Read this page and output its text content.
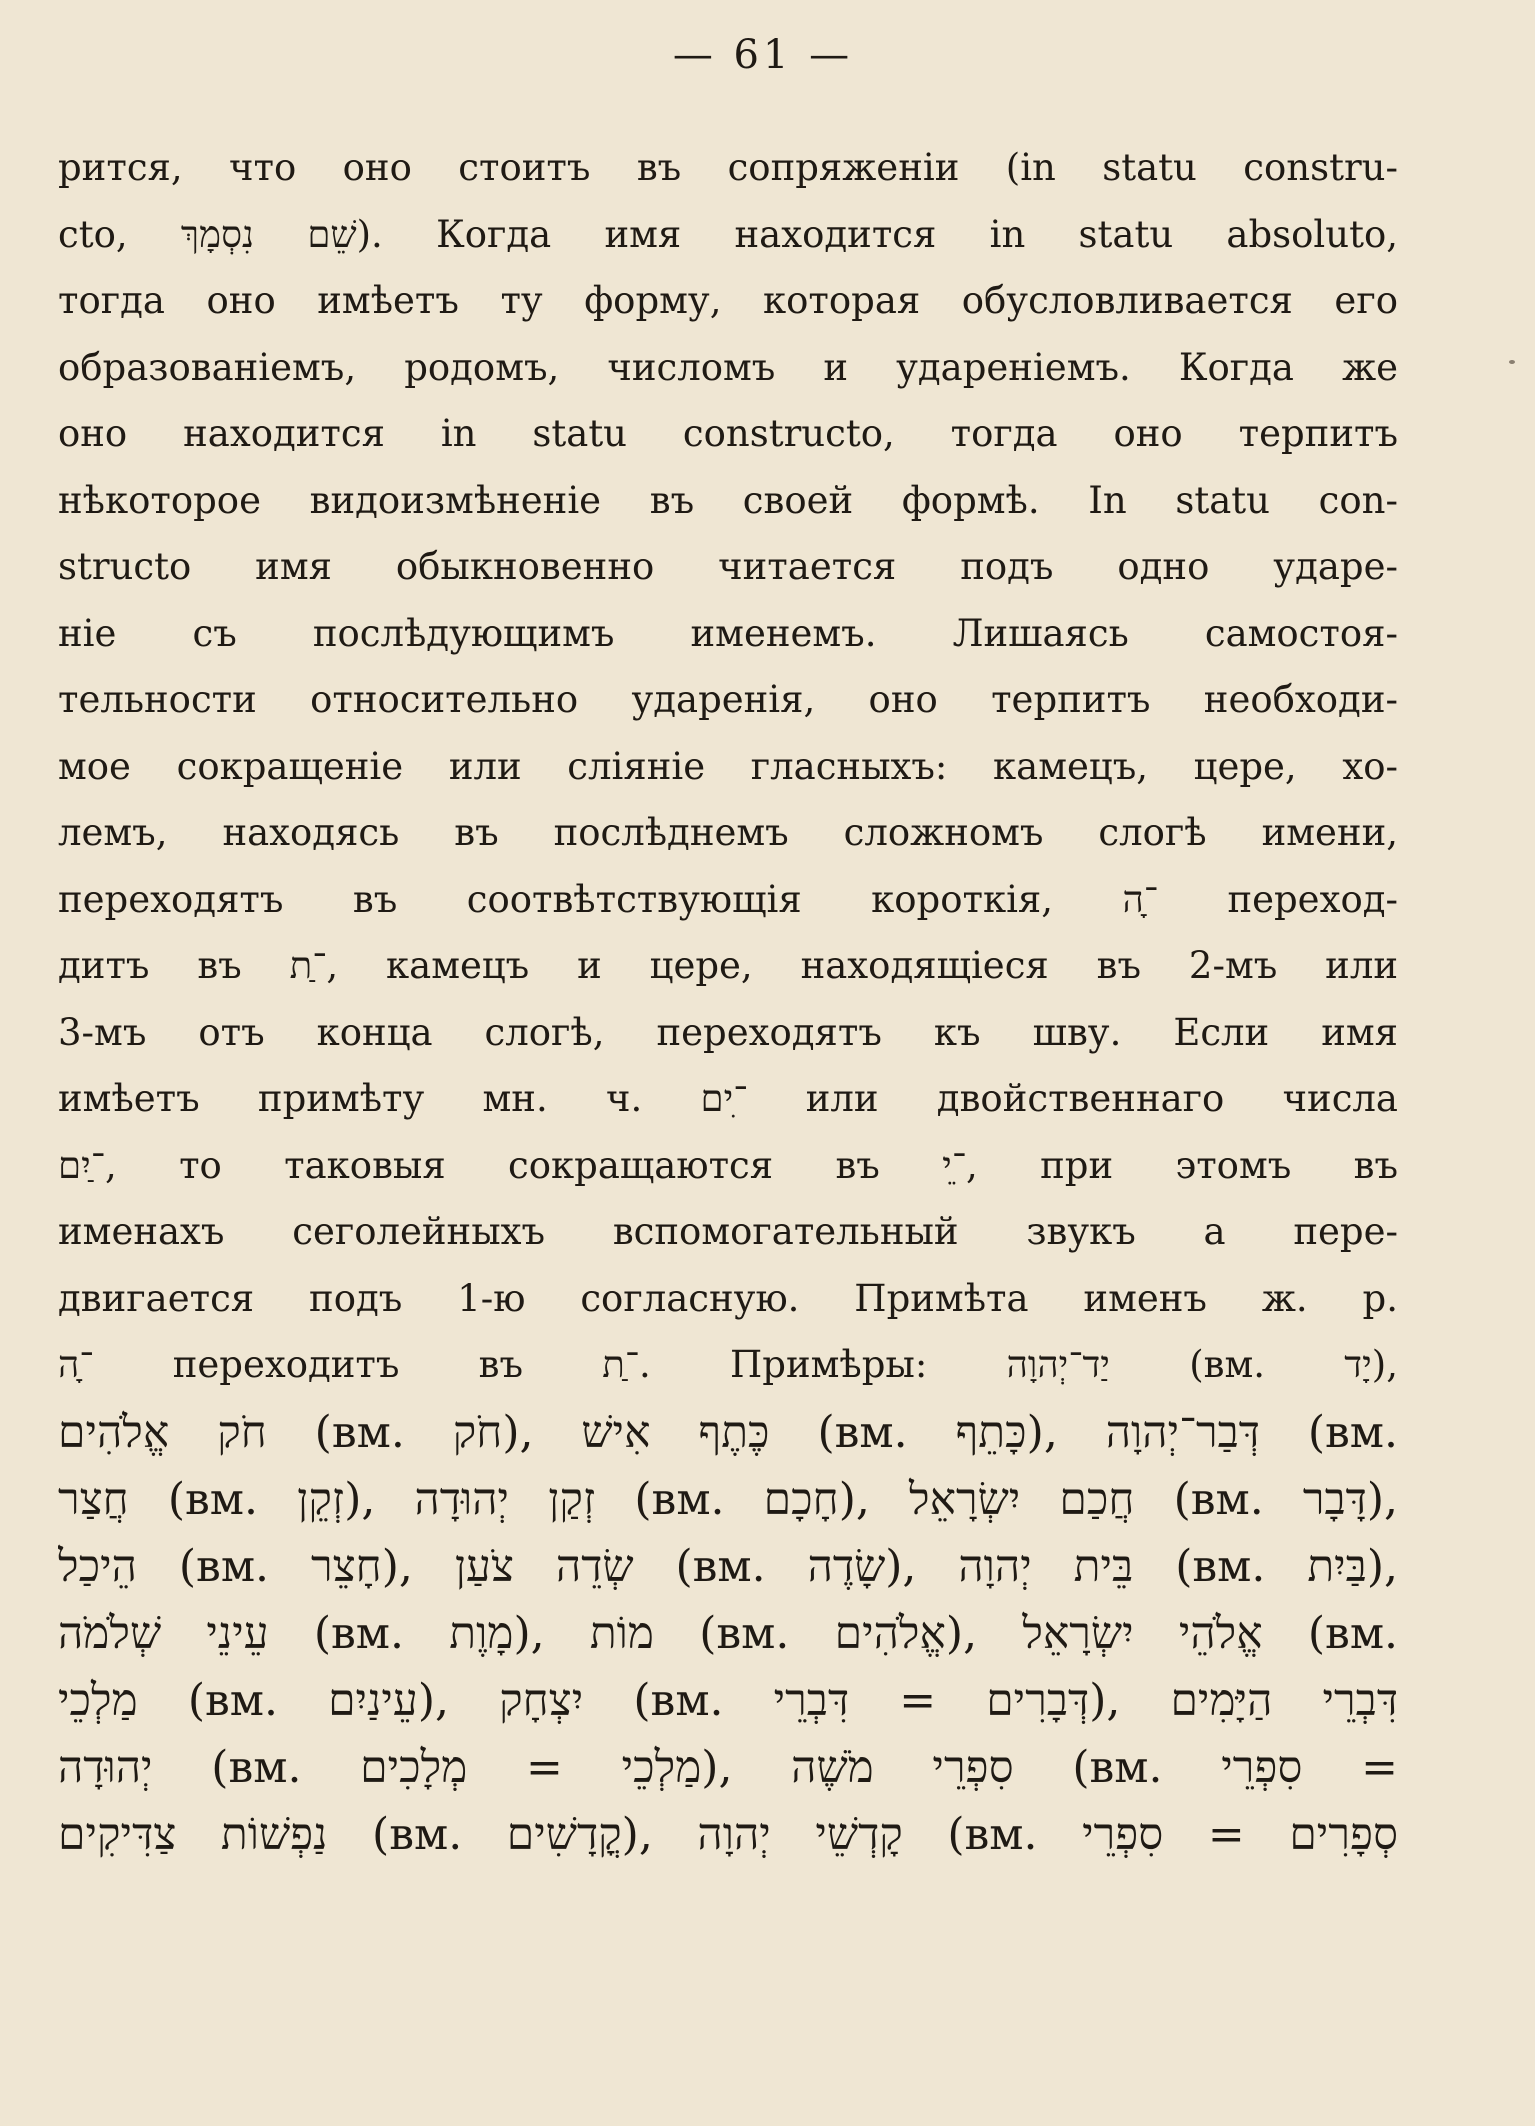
— 61 —
рится, что оно стоитъ въ сопряженіи (in statu constru-
cto, שֵׁם נִסְמָךְ). Когда имя находится in statu absoluto,
тогда оно имѣетъ ту форму, которая обусловливается его
образованіемъ, родомъ, числомъ и удареніемъ. Когда же
оно находится in statu constructo, тогда оно терпитъ
нѣкоторое видоизмѣненіе въ своей формѣ. In statu con-
structo имя обыкновенно читается подъ одно ударе-
ніе съ послѣдующимъ именемъ. Лишаясь самостоя-
тельности относительно ударенія, оно терпитъ необходи-
мое сокращеніе или сліяніе гласныхъ: камецъ, цере, хо-
лемъ, находясь въ послѣднемъ сложномъ слогѣ имени,
переходятъ въ соотвѣтствующія короткія, ־ָה переход-
дитъ въ ־ַת, камецъ и цере, находящіеся въ 2-мъ или
3-мъ отъ конца слогѣ, переходятъ къ шву. Если имя
имѣетъ примѣту мн. ч. ־ִים или двойственнаго числа
־ַיִם, то таковыя сокращаются въ ־ֵי, при этомъ въ
именахъ сеголейныхъ вспомогательный звукъ a пере-
двигается подъ 1-ю согласную. Примѣта именъ ж. р.
־ָה переходитъ въ ־ַת. Примѣры: יַד־יְהוָה (вм. יָד),
חֹק אֱלֹהִים (вм. חֹק), כֶּתֶף אִישׁ (вм. כָּתֵף), דְּבַר־יְהוָה (вм.
חֲצַר (вм. זְקֵן), זְקַן יְהוּדָה (вм. חָכָם), חֲכַם יִשְׂרָאֵל (вм. דָּבָר),
הֵיכַל (вм. חָצֵר), שְׂדֵה צֹעַן (вм. שָׂדֶה), בֵּית יְהוָה (вм. בַּיִת),
עֵינֵי שְׁלֹמֹה (вм. מָוֶת), מוֹת (вм. אֱלֹהִים), אֱלֹהֵי יִשְׂרָאֵל (вм.
מַלְכֵי (вм. עֵינַיִם), יִצְחָק (вм. דְּבָרִים = דִּבְרֵי), דִּבְרֵי הַיָּמִים
יְהוּדָה (вм. מַלְכֵי = מְלָכִים), סִפְרֵי מֹשֶׁה (вм. סִפְרֵי =
נַפְשׁוֹת צַדִּיקִים (вм. קֳדָשִׁים), קָדְשֵׁי יְהוָה (вм. סְפָרִים = סִפְרֵי
